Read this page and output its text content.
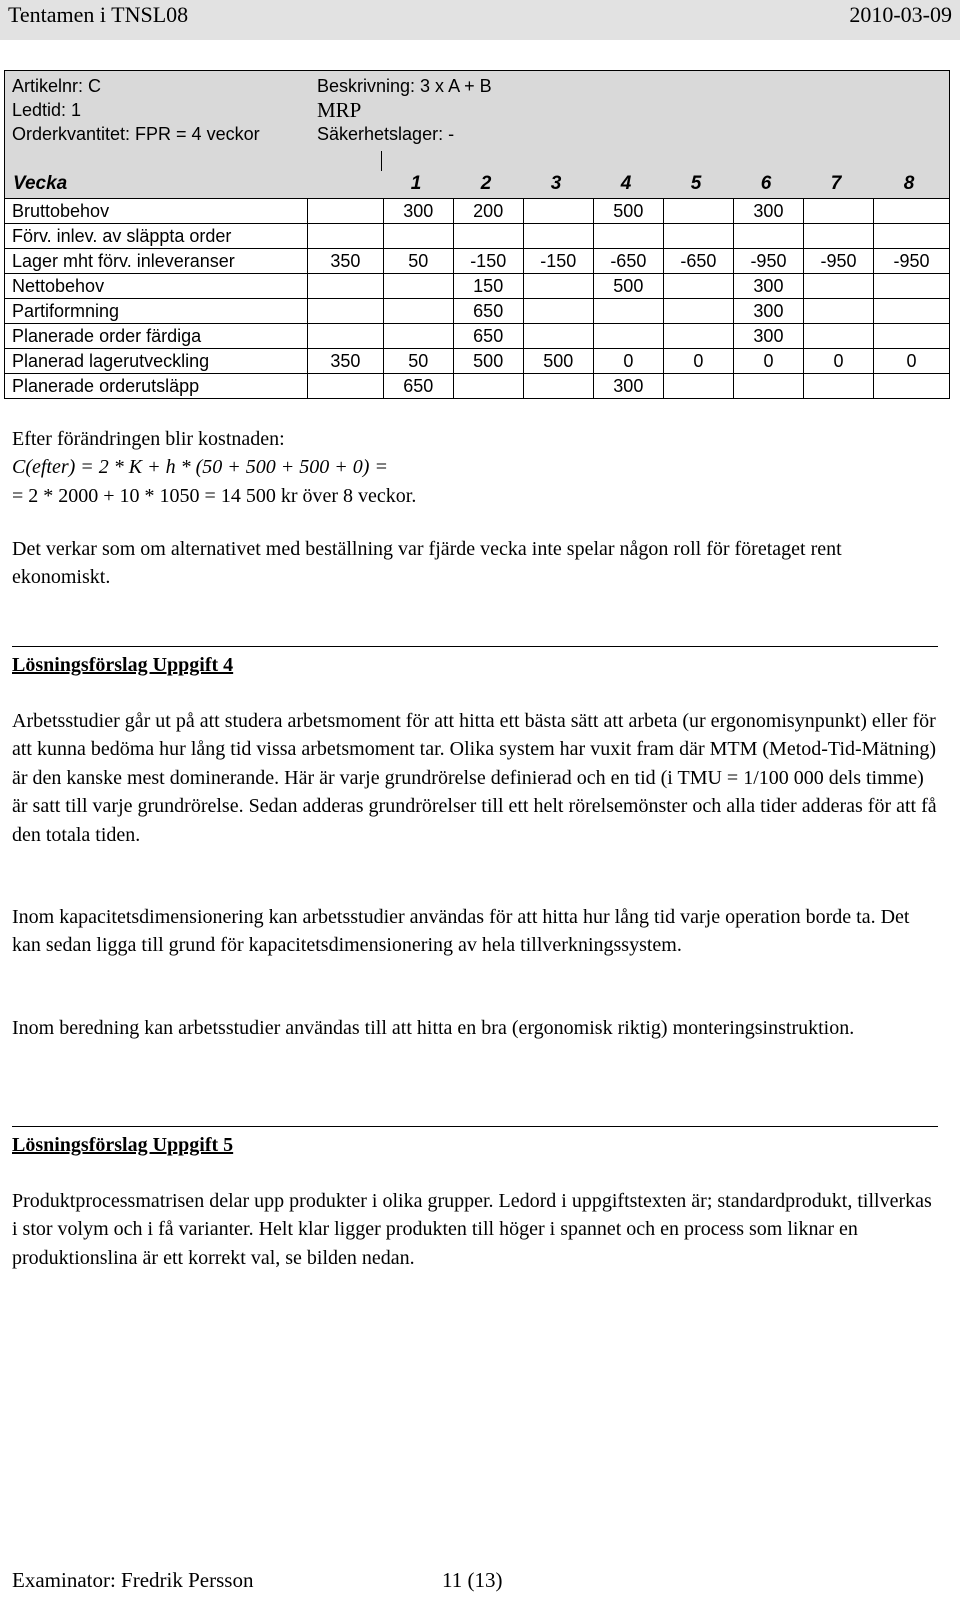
Tentamen i TNSL08	2010-03-09
Artikelnr: C
Ledtid: 1
Orderkvantitet: FPR = 4 veckor
Beskrivning: 3 x A + B
MRP
Säkerhetslager: -
Vecka	1	2	3	4	5	6	7	8
Bruttobehov		300	200		500		300		
Förv. inlev. av släppta order									
Lager mht förv. inleveranser	350	50	-150	-150	-650	-650	-950	-950	-950
Nettobehov			150		500		300		
Partiformning			650				300		
Planerade order färdiga			650				300		
Planerad lagerutveckling	350	50	500	500	0	0	0	0	0
Planerade orderutsläpp		650			300				
Efter förändringen blir kostnaden:
C(efter) = 2 * K + h * (50 + 500 + 500 + 0) =
= 2 * 2000 + 10 * 1050 = 14 500 kr över 8 veckor.
Det verkar som om alternativet med beställning var fjärde vecka inte spelar någon roll för företaget rent ekonomiskt.
Lösningsförslag Uppgift 4
Arbetsstudier går ut på att studera arbetsmoment för att hitta ett bästa sätt att arbeta (ur ergonomisynpunkt) eller för att kunna bedöma hur lång tid vissa arbetsmoment tar. Olika system har vuxit fram där MTM (Metod-Tid-Mätning) är den kanske mest dominerande. Här är varje grundrörelse definierad och en tid (i TMU = 1/100 000 dels timme) är satt till varje grundrörelse. Sedan adderas grundrörelser till ett helt rörelsemönster och alla tider adderas för att få den totala tiden.
Inom kapacitetsdimensionering kan arbetsstudier användas för att hitta hur lång tid varje operation borde ta. Det kan sedan ligga till grund för kapacitetsdimensionering av hela tillverkningssystem.
Inom beredning kan arbetsstudier användas till att hitta en bra (ergonomisk riktig) monteringsinstruktion.
Lösningsförslag Uppgift 5
Produktprocessmatrisen delar upp produkter i olika grupper. Ledord i uppgiftstexten är; standardprodukt, tillverkas i stor volym och i få varianter. Helt klar ligger produkten till höger i spannet och en process som liknar en produktionslina är ett korrekt val, se bilden nedan.
Examinator: Fredrik Persson	11 (13)
